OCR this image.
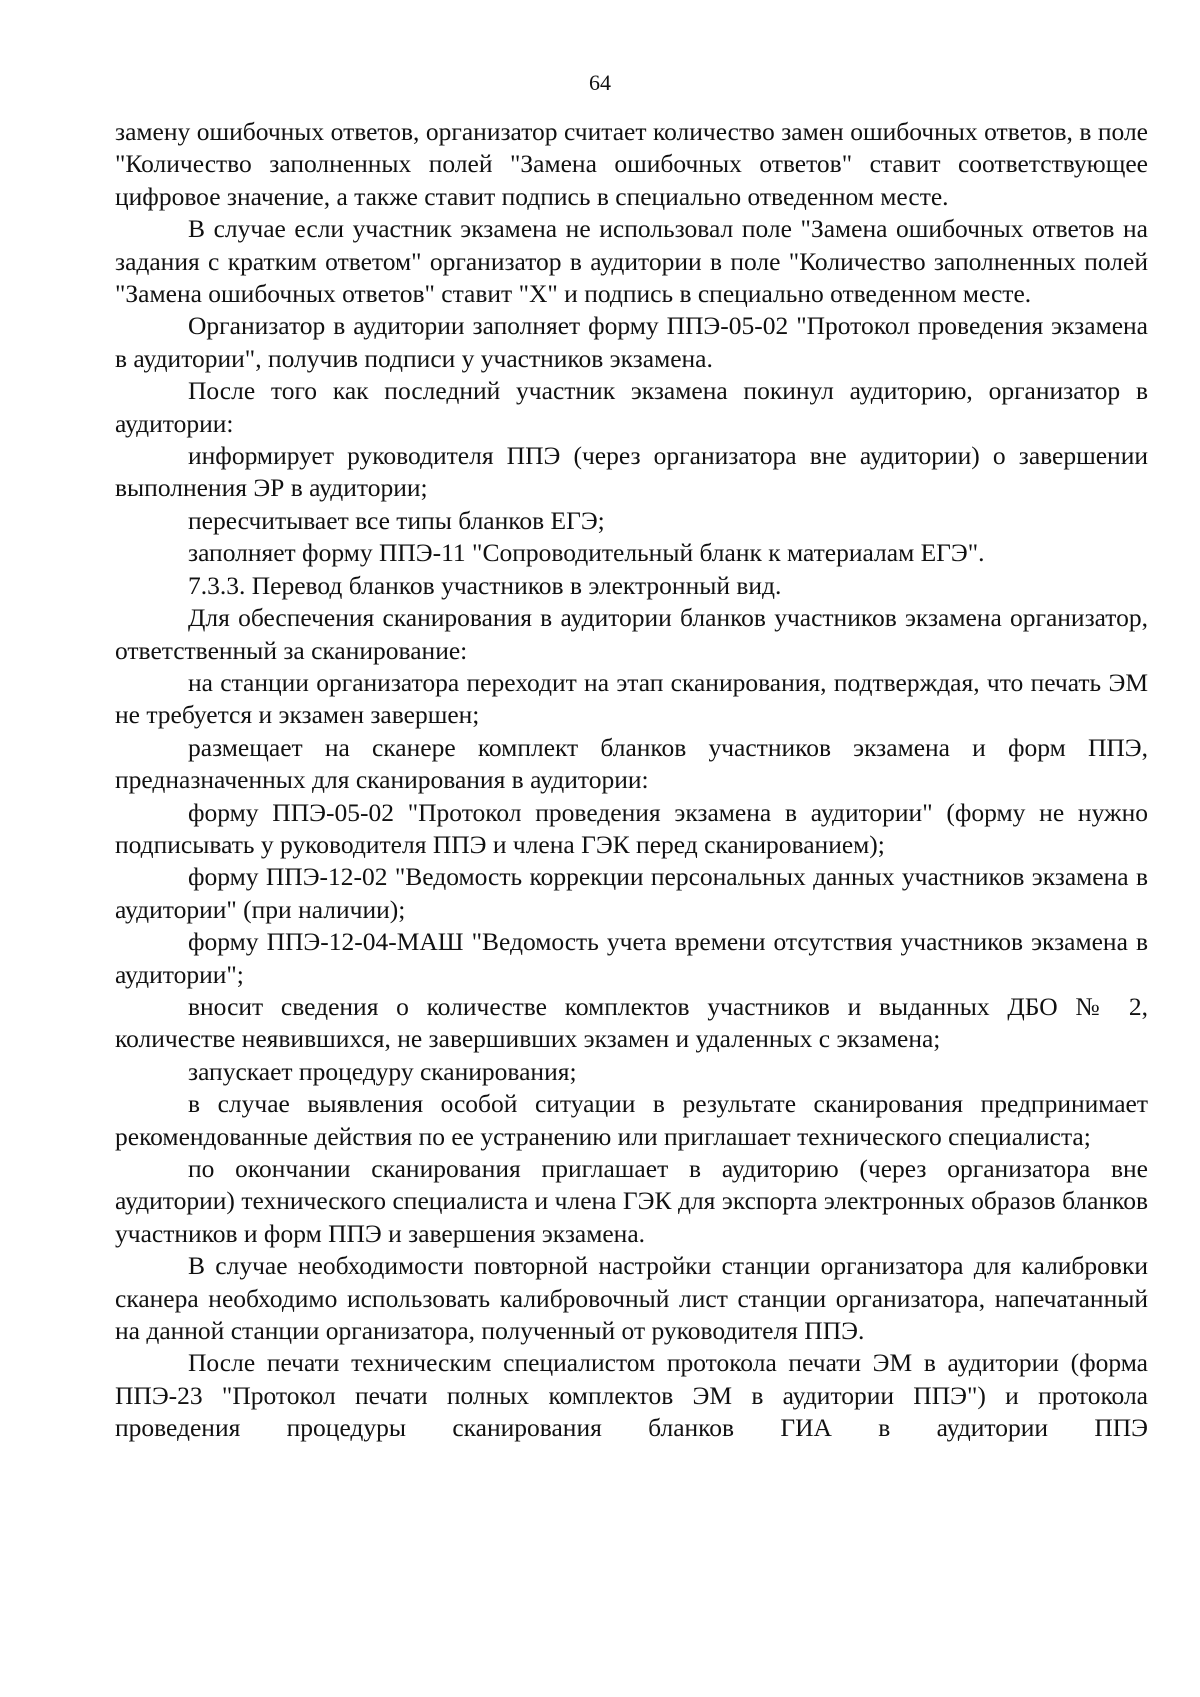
64

замену ошибочных ответов, организатор считает количество замен ошибочных ответов, в поле "Количество заполненных полей "Замена ошибочных ответов" ставит соответствующее цифровое значение, а также ставит подпись в специально отведенном месте.

В случае если участник экзамена не использовал поле "Замена ошибочных ответов на задания с кратким ответом" организатор в аудитории в поле "Количество заполненных полей "Замена ошибочных ответов" ставит "X" и подпись в специально отведенном месте.

Организатор в аудитории заполняет форму ППЭ-05-02 "Протокол проведения экзамена в аудитории", получив подписи у участников экзамена.

После того как последний участник экзамена покинул аудиторию, организатор в аудитории:

информирует руководителя ППЭ (через организатора вне аудитории) о завершении выполнения ЭР в аудитории;

пересчитывает все типы бланков ЕГЭ;

заполняет форму ППЭ-11 "Сопроводительный бланк к материалам ЕГЭ".

7.3.3. Перевод бланков участников в электронный вид.

Для обеспечения сканирования в аудитории бланков участников экзамена организатор, ответственный за сканирование:

на станции организатора переходит на этап сканирования, подтверждая, что печать ЭМ не требуется и экзамен завершен;

размещает на сканере комплект бланков участников экзамена и форм ППЭ, предназначенных для сканирования в аудитории:

форму ППЭ-05-02 "Протокол проведения экзамена в аудитории" (форму не нужно подписывать у руководителя ППЭ и члена ГЭК перед сканированием);

форму ППЭ-12-02 "Ведомость коррекции персональных данных участников экзамена в аудитории" (при наличии);

форму ППЭ-12-04-МАШ "Ведомость учета времени отсутствия участников экзамена в аудитории";

вносит сведения о количестве комплектов участников и выданных ДБО № 2, количестве неявившихся, не завершивших экзамен и удаленных с экзамена;

запускает процедуру сканирования;

в случае выявления особой ситуации в результате сканирования предпринимает рекомендованные действия по ее устранению или приглашает технического специалиста;

по окончании сканирования приглашает в аудиторию (через организатора вне аудитории) технического специалиста и члена ГЭК для экспорта электронных образов бланков участников и форм ППЭ и завершения экзамена.

В случае необходимости повторной настройки станции организатора для калибровки сканера необходимо использовать калибровочный лист станции организатора, напечатанный на данной станции организатора, полученный от руководителя ППЭ.

После печати техническим специалистом протокола печати ЭМ в аудитории (форма ППЭ-23 "Протокол печати полных комплектов ЭМ в аудитории ППЭ") и протокола проведения процедуры сканирования бланков ГИА в аудитории ППЭ
